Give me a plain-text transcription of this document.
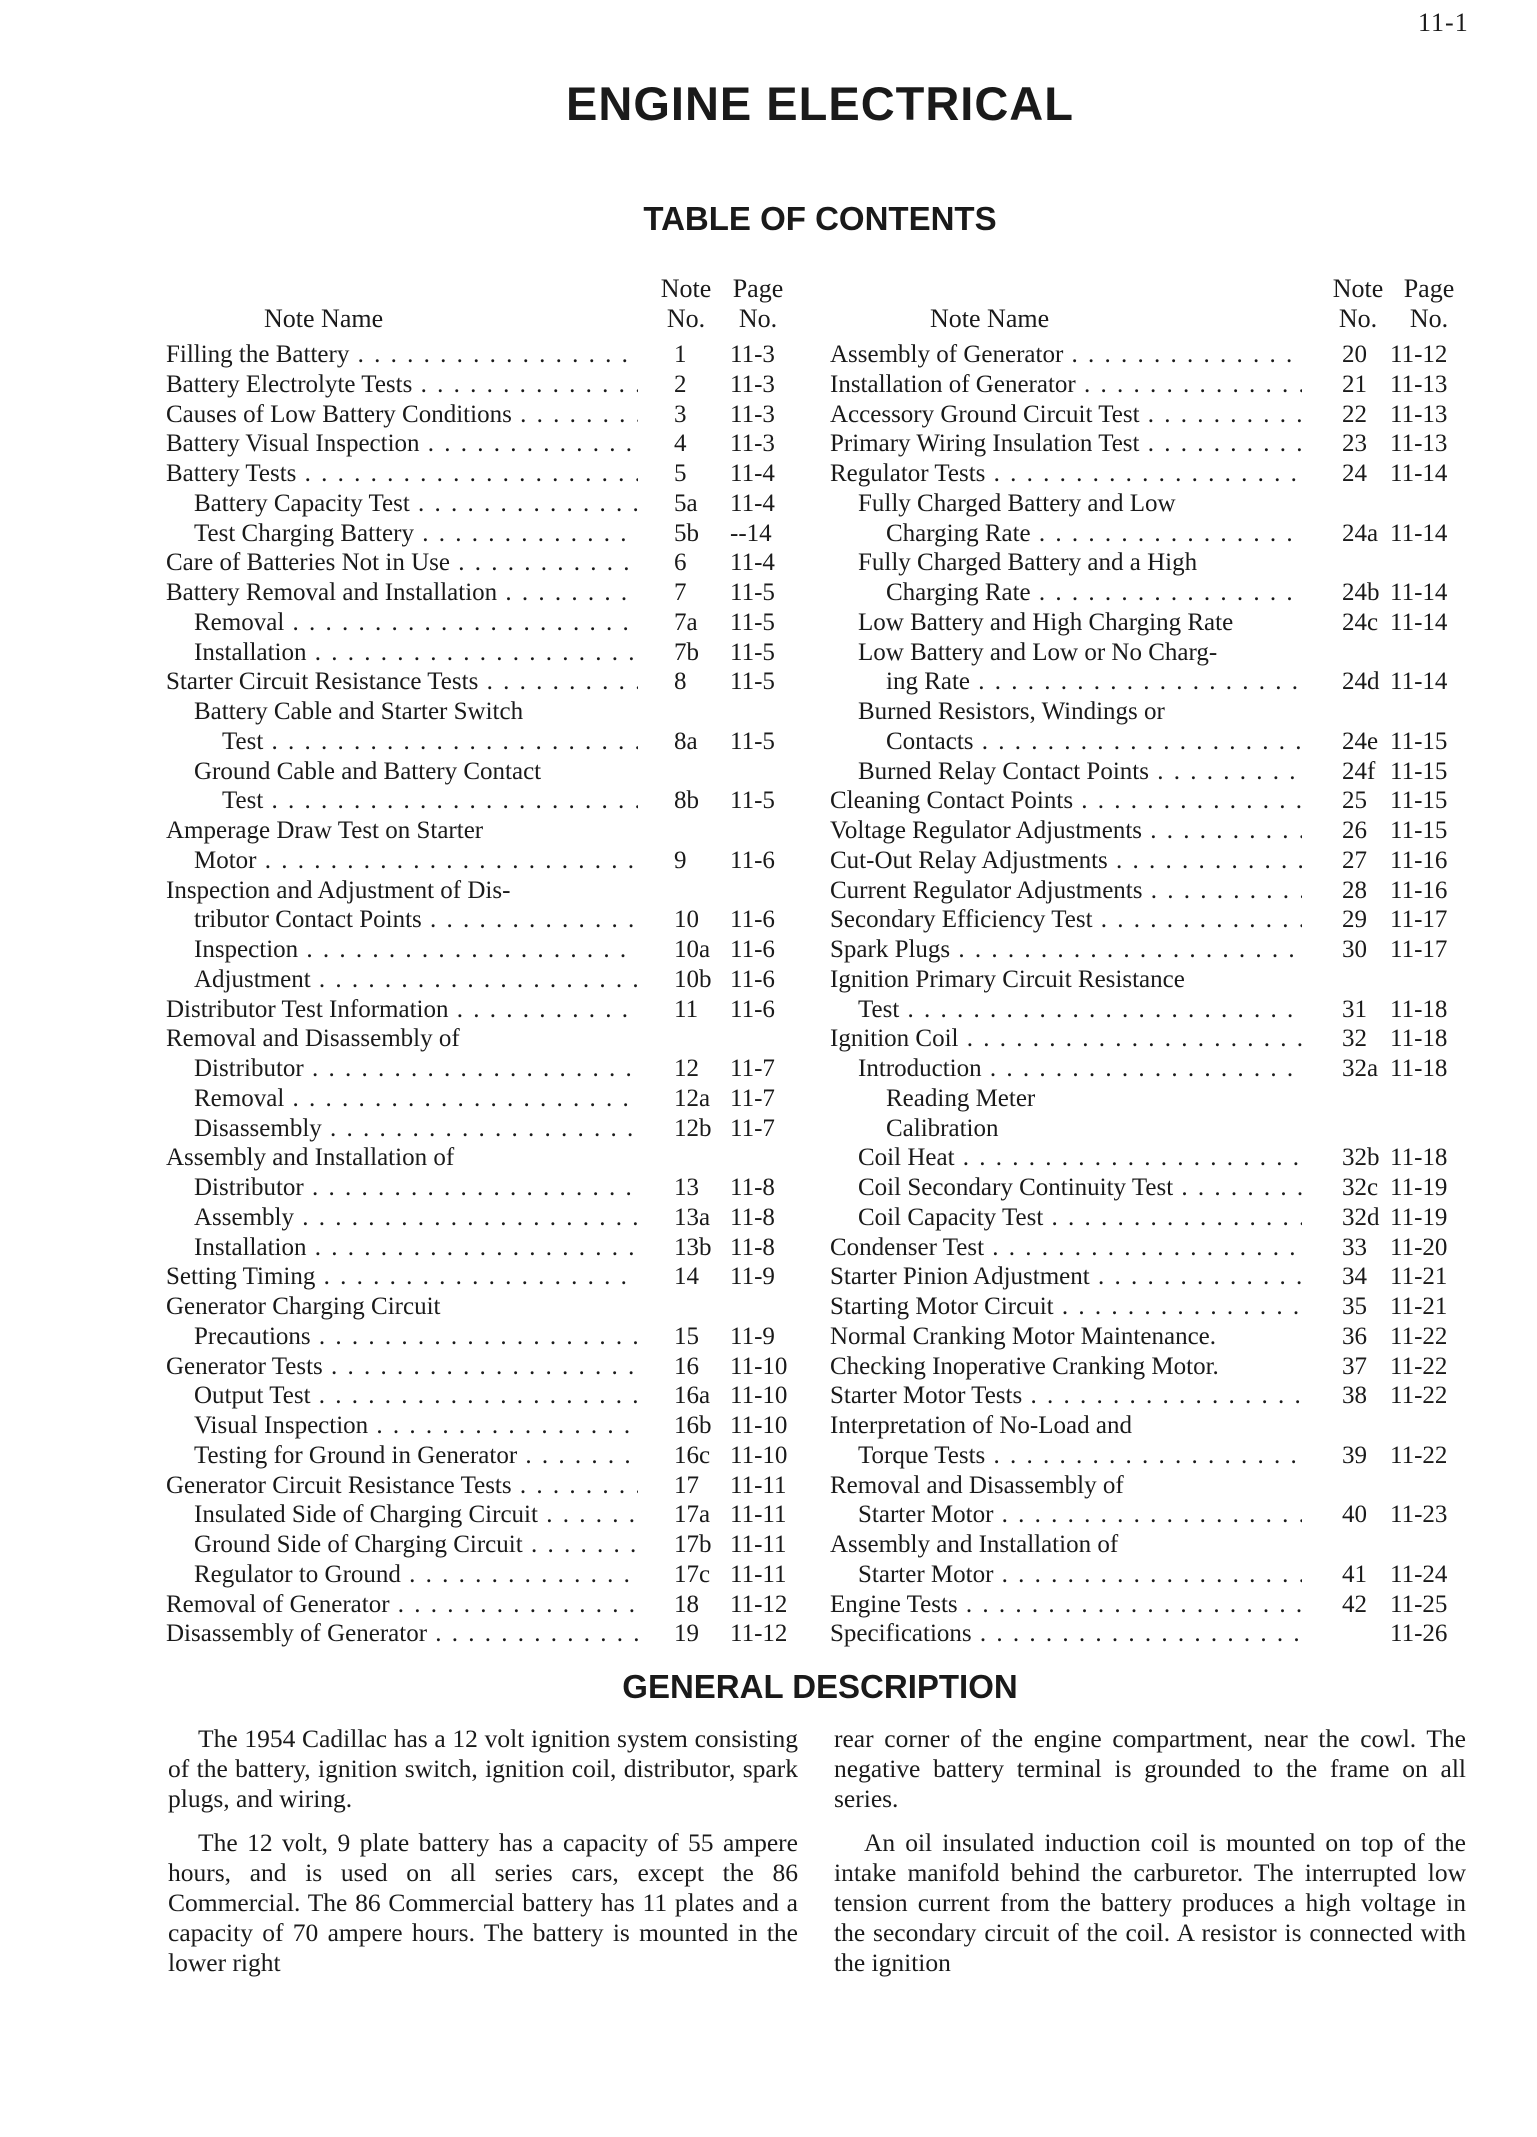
11-1
ENGINE ELECTRICAL
TABLE OF CONTENTS
Note Name
Note
No.
Page
No.
Filling the Battery . . .	1 11-3
Battery Electrolyte Tests . . .	2 11-3
Causes of Low Battery Conditions . . .	3 11-3
Battery Visual Inspection . . .	4 11-3
Battery Tests . . .	5 11-4
Battery Capacity Test . . .	5a 11-4
Test Charging Battery . . .	5b --14
Care of Batteries Not in Use . . .	6 11-4
Battery Removal and Installation . . .	7 11-5
Removal . . .	7a 11-5
Installation . . .	7b 11-5
Starter Circuit Resistance Tests . . .	8 11-5
Battery Cable and Starter Switch
Test . . .	8a 11-5
Ground Cable and Battery Contact
Test . . .	8b 11-5
Amperage Draw Test on Starter
Motor . . .	9 11-6
Inspection and Adjustment of Dis-
tributor Contact Points . . .	10 11-6
Inspection . . .	10a 11-6
Adjustment . . .	10b 11-6
Distributor Test Information . . .	11 11-6
Removal and Disassembly of
Distributor . . .	12 11-7
Removal . . .	12a 11-7
Disassembly . . .	12b 11-7
Assembly and Installation of
Distributor . . .	13 11-8
Assembly . . .	13a 11-8
Installation . . .	13b 11-8
Setting Timing . . .	14 11-9
Generator Charging Circuit
Precautions . . .	15 11-9
Generator Tests . . .	16 11-10
Output Test . . .	16a 11-10
Visual Inspection . . .	16b 11-10
Testing for Ground in Generator . . .	16c 11-10
Generator Circuit Resistance Tests . . .	17 11-11
Insulated Side of Charging Circuit . . .	17a 11-11
Ground Side of Charging Circuit . . .	17b 11-11
Regulator to Ground . . .	17c 11-11
Removal of Generator . . .	18 11-12
Disassembly of Generator . . .	19 11-12
Note Name
Note
No.
Page
No.
Assembly of Generator . . .	20 11-12
Installation of Generator . . .	21 11-13
Accessory Ground Circuit Test . . .	22 11-13
Primary Wiring Insulation Test . . .	23 11-13
Regulator Tests . . .	24 11-14
Fully Charged Battery and Low
Charging Rate . . .	24a 11-14
Fully Charged Battery and a High
Charging Rate . . .	24b 11-14
Low Battery and High Charging Rate	24c 11-14
Low Battery and Low or No Charg-
ing Rate . . .	24d 11-14
Burned Resistors, Windings or
Contacts . . .	24e 11-15
Burned Relay Contact Points . . .	24f 11-15
Cleaning Contact Points . . .	25 11-15
Voltage Regulator Adjustments . . .	26 11-15
Cut-Out Relay Adjustments . . .	27 11-16
Current Regulator Adjustments . . .	28 11-16
Secondary Efficiency Test . . .	29 11-17
Spark Plugs . . .	30 11-17
Ignition Primary Circuit Resistance
Test . . .	31 11-18
Ignition Coil . . .	32 11-18
Introduction . . .	32a 11-18
Reading Meter
Calibration
Coil Heat . . .	32b 11-18
Coil Secondary Continuity Test . . .	32c 11-19
Coil Capacity Test . . .	32d 11-19
Condenser Test . . .	33 11-20
Starter Pinion Adjustment . . .	34 11-21
Starting Motor Circuit . . .	35 11-21
Normal Cranking Motor Maintenance.	36 11-22
Checking Inoperative Cranking Motor.	37 11-22
Starter Motor Tests . . .	38 11-22
Interpretation of No-Load and
Torque Tests . . .	39 11-22
Removal and Disassembly of
Starter Motor . . .	40 11-23
Assembly and Installation of
Starter Motor . . .	41 11-24
Engine Tests . . .	42 11-25
Specifications . . .	11-26
GENERAL DESCRIPTION

The 1954 Cadillac has a 12 volt ignition system consisting of the battery, ignition switch, ignition coil, distributor, spark plugs, and wiring.

The 12 volt, 9 plate battery has a capacity of 55 ampere hours, and is used on all series cars, except the 86 Commercial. The 86 Commercial battery has 11 plates and a capacity of 70 ampere hours. The battery is mounted in the lower right

rear corner of the engine compartment, near the cowl. The negative battery terminal is grounded to the frame on all series.

An oil insulated induction coil is mounted on top of the intake manifold behind the carburetor. The interrupted low tension current from the battery produces a high voltage in the secondary circuit of the coil. A resistor is connected with the ignition
